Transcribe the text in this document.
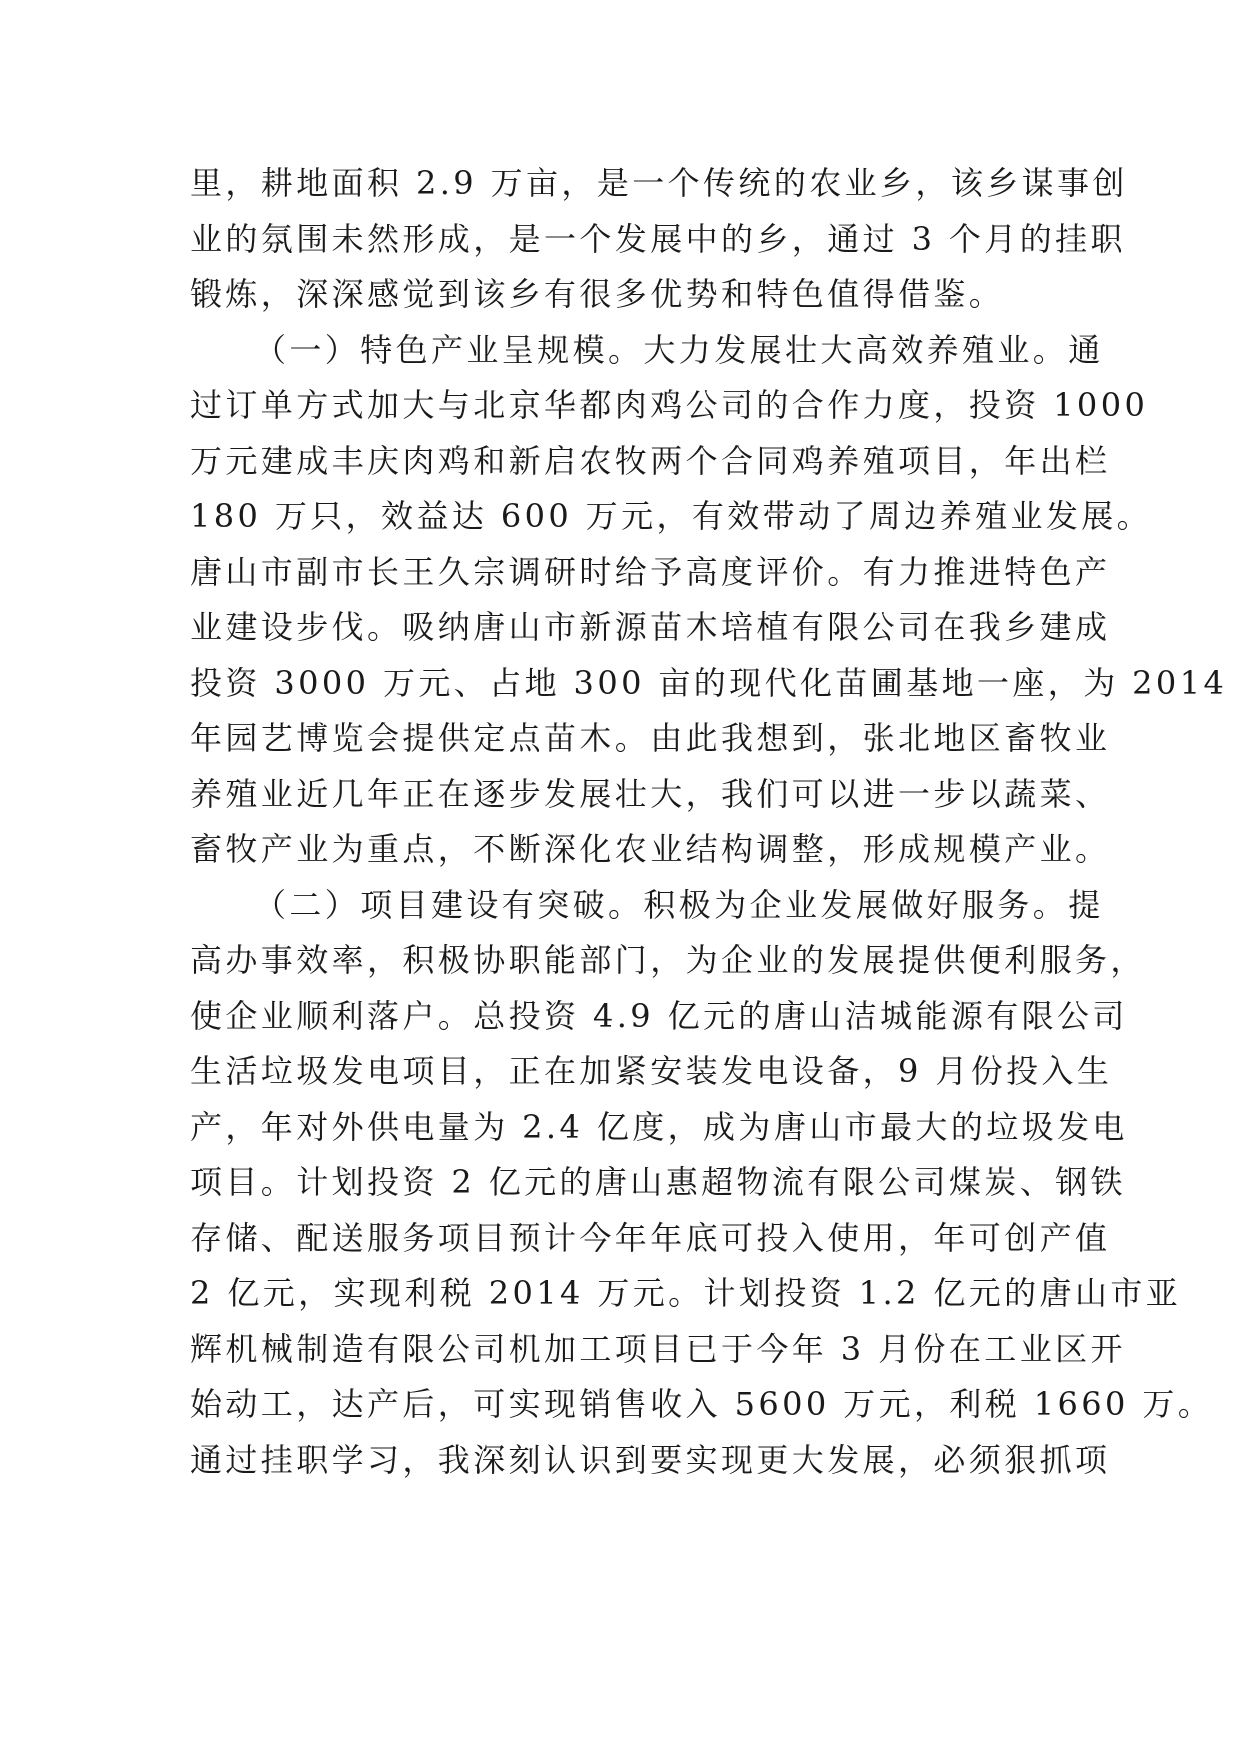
里，耕地面积 2.9 万亩，是一个传统的农业乡，该乡谋事创
业的氛围未然形成，是一个发展中的乡，通过 3 个月的挂职
锻炼，深深感觉到该乡有很多优势和特色值得借鉴。
（一）特色产业呈规模。大力发展壮大高效养殖业。通
过订单方式加大与北京华都肉鸡公司的合作力度，投资 1000
万元建成丰庆肉鸡和新启农牧两个合同鸡养殖项目，年出栏
180 万只，效益达 600 万元，有效带动了周边养殖业发展。
唐山市副市长王久宗调研时给予高度评价。有力推进特色产
业建设步伐。吸纳唐山市新源苗木培植有限公司在我乡建成
投资 3000 万元、占地 300 亩的现代化苗圃基地一座，为 2014
年园艺博览会提供定点苗木。由此我想到，张北地区畜牧业
养殖业近几年正在逐步发展壮大，我们可以进一步以蔬菜、
畜牧产业为重点，不断深化农业结构调整，形成规模产业。
（二）项目建设有突破。积极为企业发展做好服务。提
高办事效率，积极协职能部门，为企业的发展提供便利服务，
使企业顺利落户。总投资 4.9 亿元的唐山洁城能源有限公司
生活垃圾发电项目，正在加紧安装发电设备，9 月份投入生
产，年对外供电量为 2.4 亿度，成为唐山市最大的垃圾发电
项目。计划投资 2 亿元的唐山惠超物流有限公司煤炭、钢铁
存储、配送服务项目预计今年年底可投入使用，年可创产值
2 亿元，实现利税 2014 万元。计划投资 1.2 亿元的唐山市亚
辉机械制造有限公司机加工项目已于今年 3 月份在工业区开
始动工，达产后，可实现销售收入 5600 万元，利税 1660 万。
通过挂职学习，我深刻认识到要实现更大发展，必须狠抓项
